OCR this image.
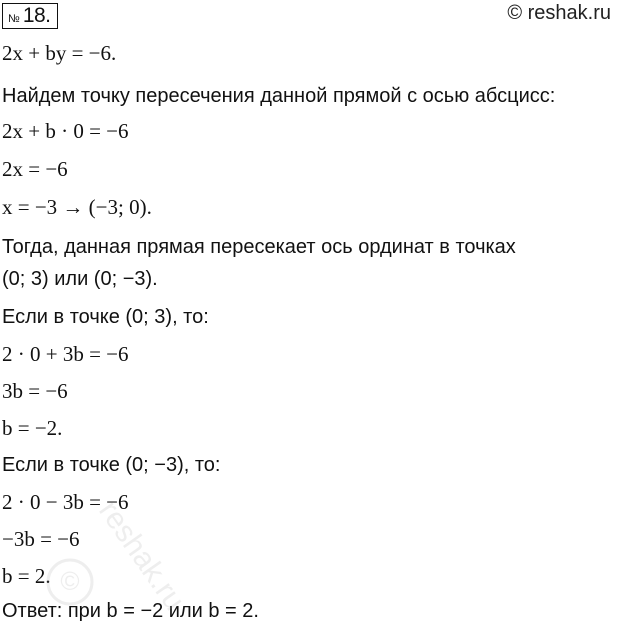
№ 18.	© reshak.ru
2x + by = −6.
Найдем точку пересечения данной прямой с осью абсцисс:
2x + b · 0 = −6
2x = −6
x = −3 → (−3; 0).
Тогда, данная прямая пересекает ось ординат в точках
(0; 3) или (0; −3).
Если в точке (0; 3), то:
2 · 0 + 3b = −6
3b = −6
b = −2.
Если в точке (0; −3), то:
2 · 0 − 3b = −6
−3b = −6
b = 2.
Ответ: при b = −2 или b = 2.
© reshak.ru
